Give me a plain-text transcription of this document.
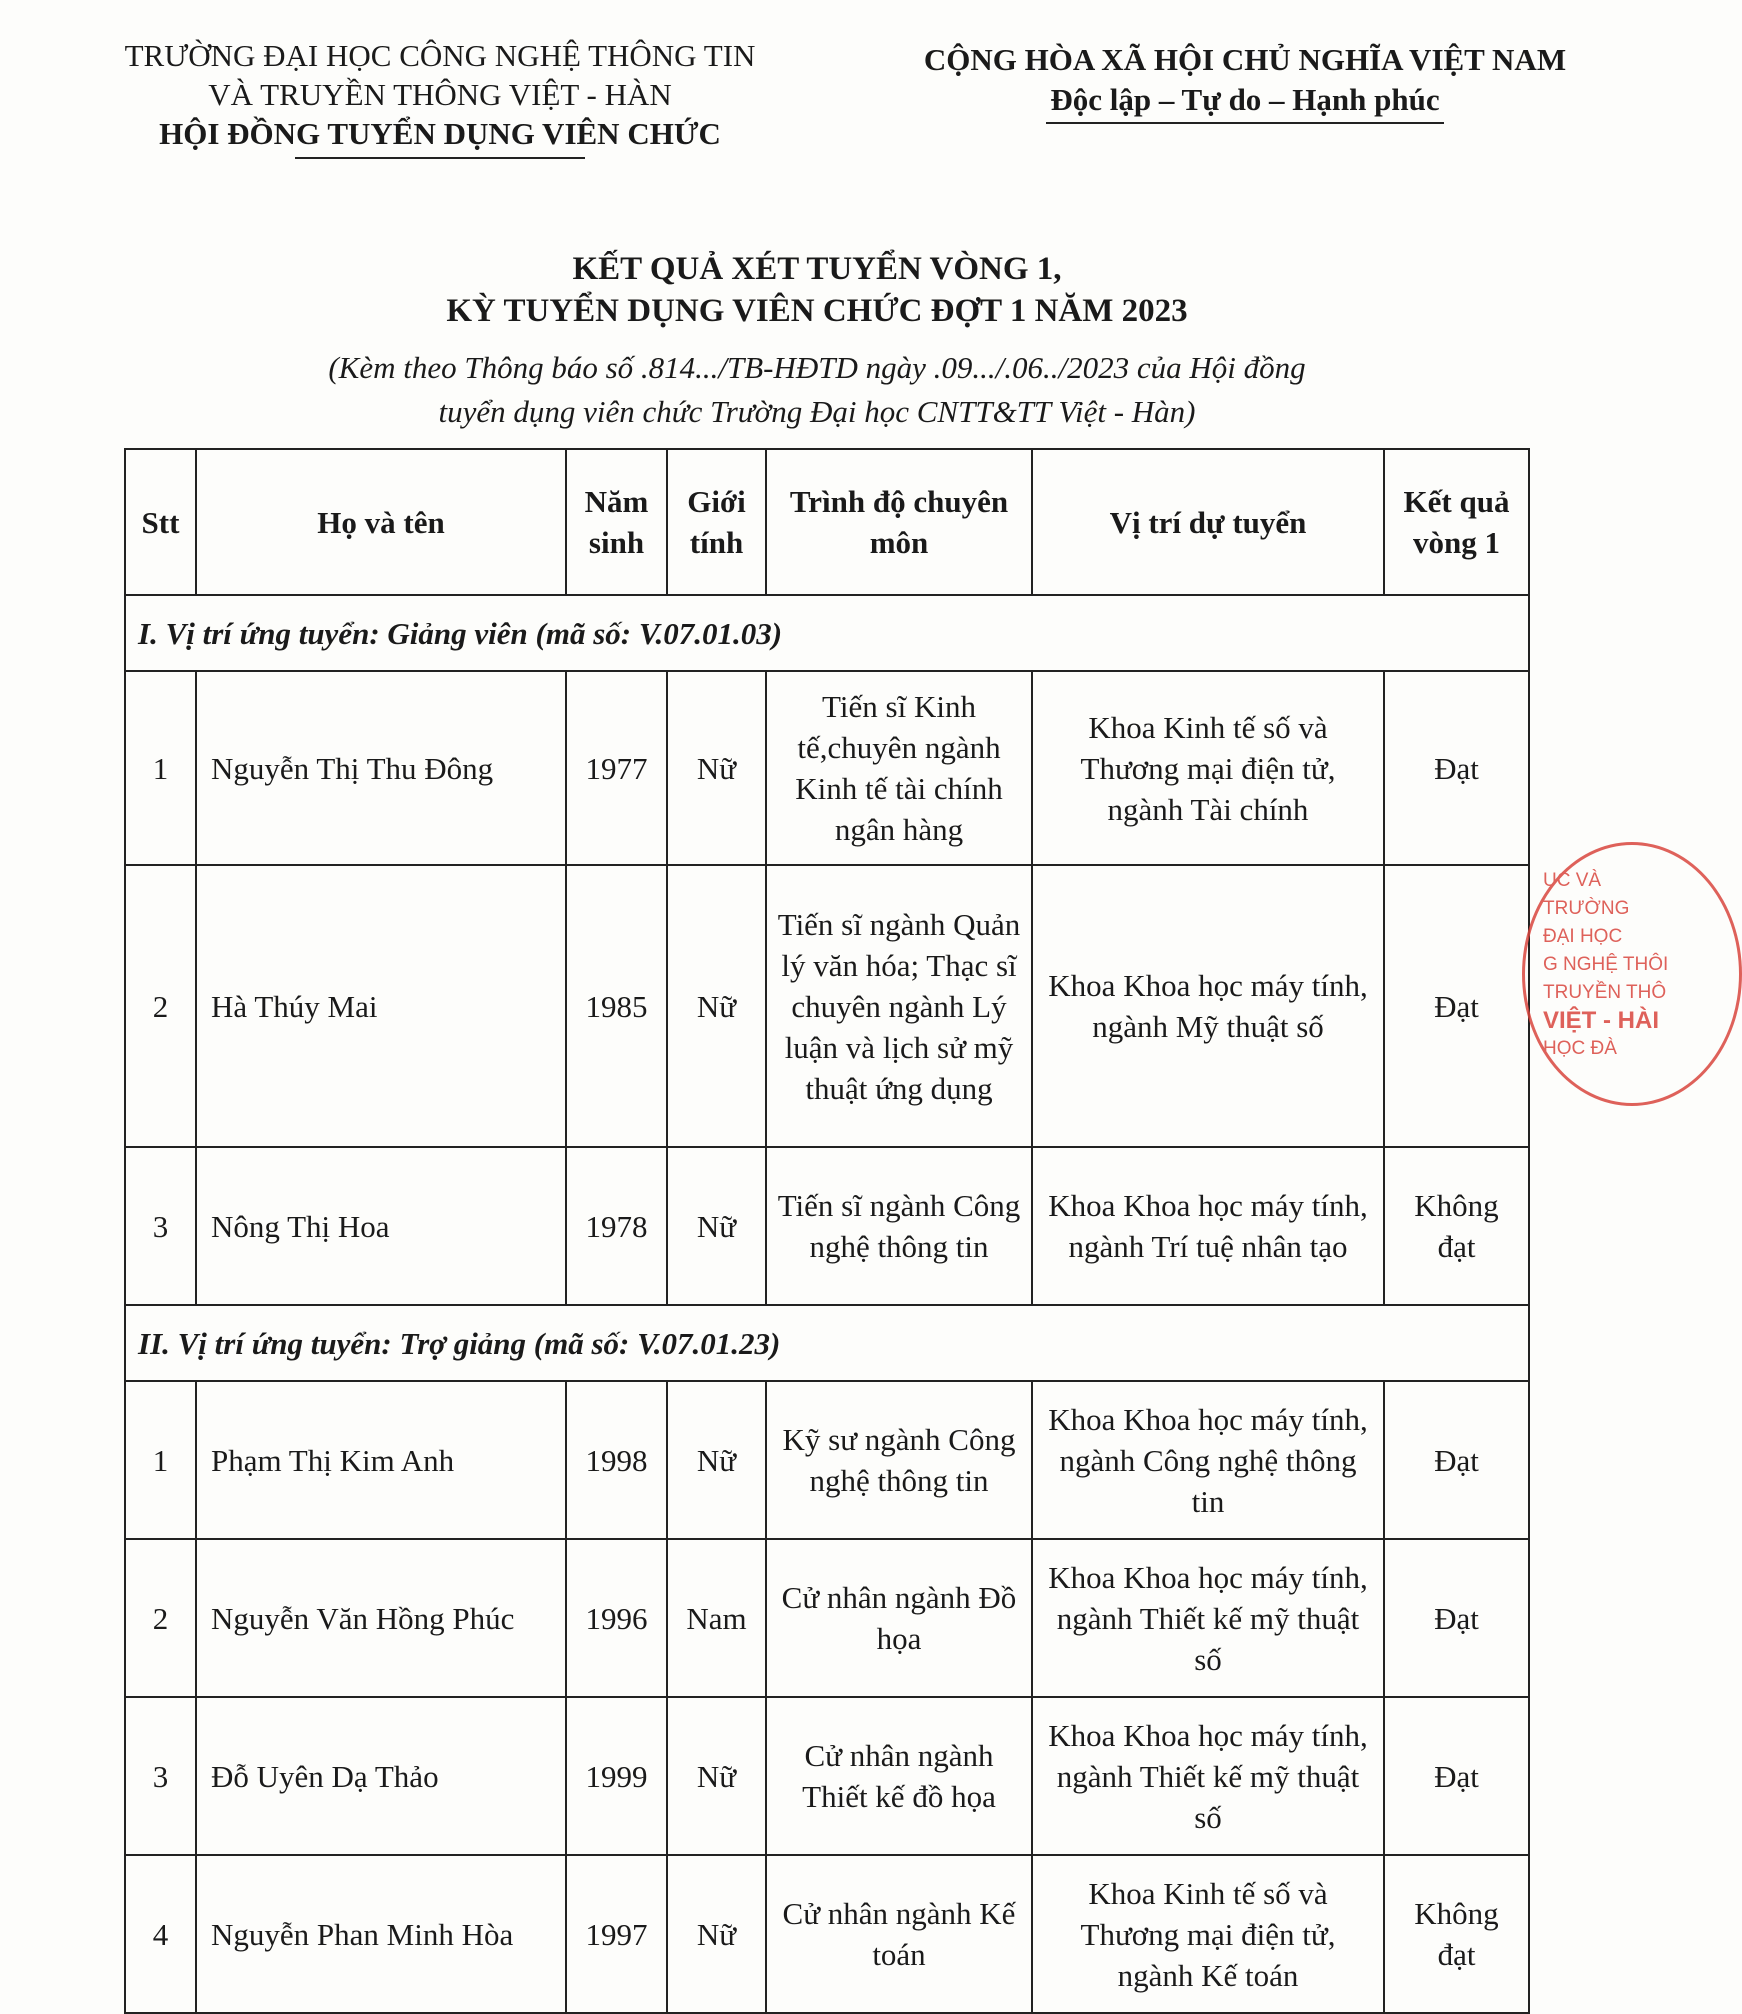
TRƯỜNG ĐẠI HỌC CÔNG NGHỆ THÔNG TIN
VÀ TRUYỀN THÔNG VIỆT - HÀN
HỘI ĐỒNG TUYỂN DỤNG VIÊN CHỨC
CỘNG HÒA XÃ HỘI CHỦ NGHĨA VIỆT NAM
Độc lập – Tự do – Hạnh phúc
KẾT QUẢ XÉT TUYỂN VÒNG 1,
KỲ TUYỂN DỤNG VIÊN CHỨC ĐỢT 1 NĂM 2023
(Kèm theo Thông báo số .814.../TB-HĐTD ngày .09.../.06../2023 của Hội đồng
tuyển dụng viên chức Trường Đại học CNTT&TT Việt - Hàn)
Stt	Họ và tên	Năm sinh	Giới tính	Trình độ chuyên môn	Vị trí dự tuyển	Kết quả vòng 1
I. Vị trí ứng tuyển: Giảng viên (mã số: V.07.01.03)						
1	Nguyễn Thị Thu Đông	1977	Nữ	Tiến sĩ Kinh tế,chuyên ngành Kinh tế tài chính ngân hàng	Khoa Kinh tế số và Thương mại điện tử, ngành Tài chính	Đạt
2	Hà Thúy Mai	1985	Nữ	Tiến sĩ ngành Quản lý văn hóa; Thạc sĩ chuyên ngành Lý luận và lịch sử mỹ thuật ứng dụng	Khoa Khoa học máy tính, ngành Mỹ thuật số	Đạt
3	Nông Thị Hoa	1978	Nữ	Tiến sĩ ngành Công nghệ thông tin	Khoa Khoa học máy tính, ngành Trí tuệ nhân tạo	Không đạt
II. Vị trí ứng tuyển: Trợ giảng (mã số: V.07.01.23)						
1	Phạm Thị Kim Anh	1998	Nữ	Kỹ sư ngành Công nghệ thông tin	Khoa Khoa học máy tính, ngành Công nghệ thông tin	Đạt
2	Nguyễn Văn Hồng Phúc	1996	Nam	Cử nhân ngành Đồ họa	Khoa Khoa học máy tính, ngành Thiết kế mỹ thuật số	Đạt
3	Đỗ Uyên Dạ Thảo	1999	Nữ	Cử nhân ngành Thiết kế đồ họa	Khoa Khoa học máy tính, ngành Thiết kế mỹ thuật số	Đạt
4	Nguyễn Phan Minh Hòa	1997	Nữ	Cử nhân ngành Kế toán	Khoa Kinh tế số và Thương mại điện tử, ngành Kế toán	Không đạt
ỤC VÀ
TRƯỜNG
ĐẠI HỌC
G NGHỆ THÔI
TRUYỀN THÔ
VIỆT - HÀI
HỌC ĐÀ
